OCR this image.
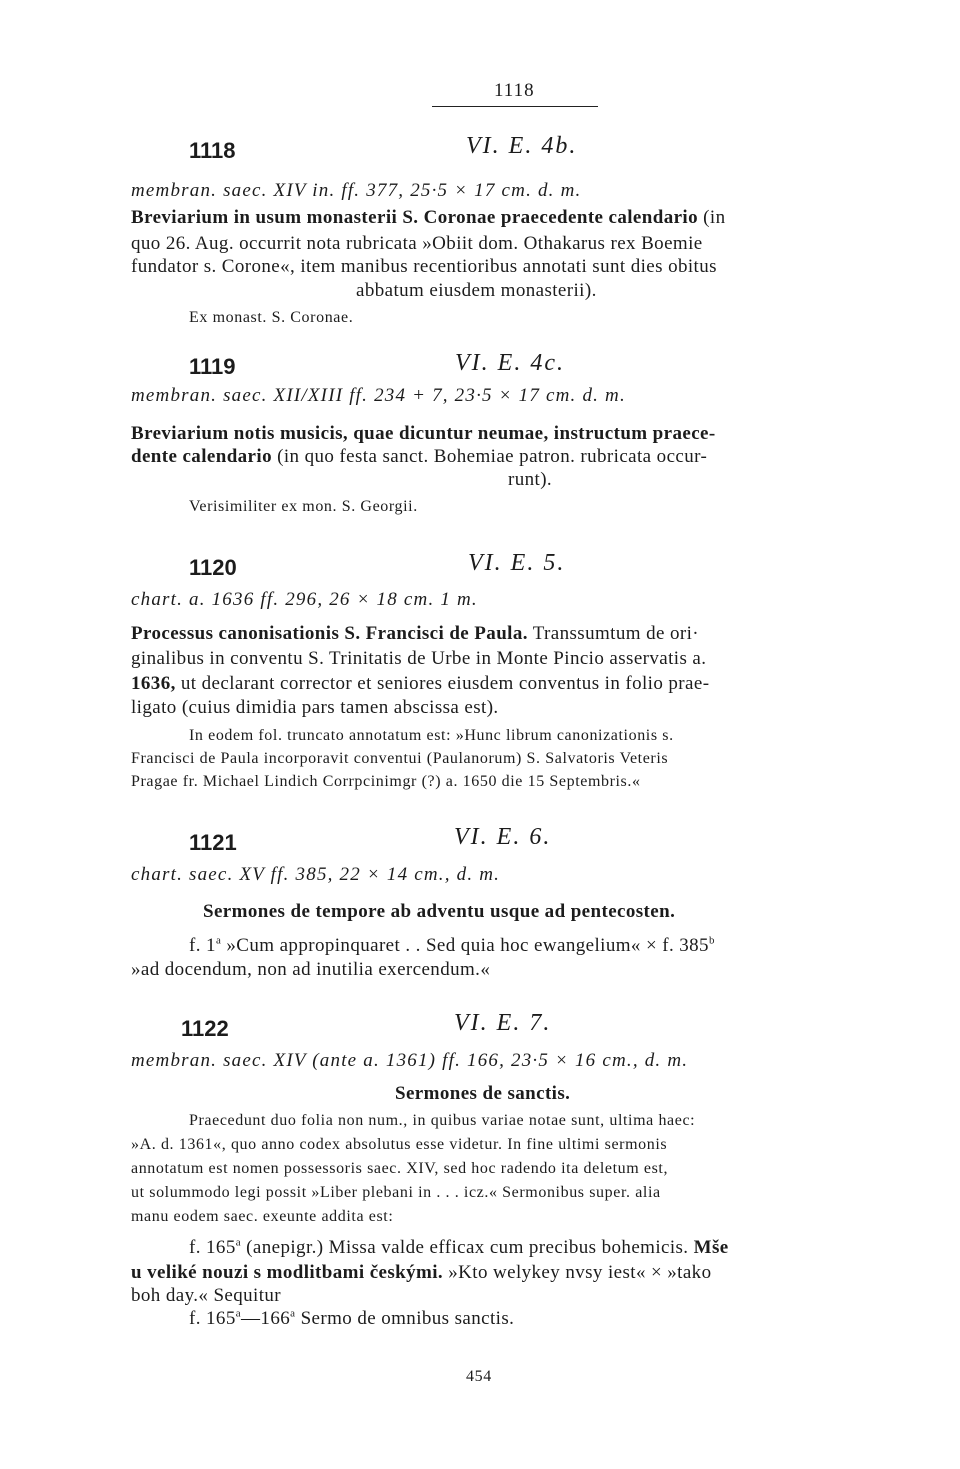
1118
1118	VI. E. 4b.
membran. saec. XIV in. ff. 377, 25·5 × 17 cm. d. m.
Breviarium in usum monasterii S. Coronae praecedente calendario (in
quo 26. Aug. occurrit nota rubricata »Obiit dom. Othakarus rex Boemie
fundator s. Corone«, item manibus recentioribus annotati sunt dies obitus
abbatum eiusdem monasterii).
Ex monast. S. Coronae.
1119	VI. E. 4c.
membran. saec. XII/XIII ff. 234 + 7, 23·5 × 17 cm. d. m.
Breviarium notis musicis, quae dicuntur neumae, instructum praece-
dente calendario (in quo festa sanct. Bohemiae patron. rubricata occur-
runt).
Verisimiliter ex mon. S. Georgii.
1120	VI. E. 5.
chart. a. 1636 ff. 296, 26 × 18 cm. 1 m.
Processus canonisationis S. Francisci de Paula. Transsumtum de ori·
ginalibus in conventu S. Trinitatis de Urbe in Monte Pincio asservatis a.
1636, ut declarant corrector et seniores eiusdem conventus in folio prae-
ligato (cuius dimidia pars tamen abscissa est).
In eodem fol. truncato annotatum est: »Hunc librum canonizationis s.
Francisci de Paula incorporavit conventui (Paulanorum) S. Salvatoris Veteris
Pragae fr. Michael Lindich Corrpcinimgr (?) a. 1650 die 15 Septembris.«
1121	VI. E. 6.
chart. saec. XV ff. 385, 22 × 14 cm., d. m.
Sermones de tempore ab adventu usque ad pentecosten.
f. 1$^a$ »Cum appropinquaret . . Sed quia hoc ewangelium« × f. 385$^b$
»ad docendum, non ad inutilia exercendum.«
1122	VI. E. 7.
membran. saec. XIV (ante a. 1361) ff. 166, 23·5 × 16 cm., d. m.
Sermones de sanctis.
Praecedunt duo folia non num., in quibus variae notae sunt, ultima haec:
»A. d. 1361«, quo anno codex absolutus esse videtur. In fine ultimi sermonis
annotatum est nomen possessoris saec. XIV, sed hoc radendo ita deletum est,
ut solummodo legi possit »Liber plebani in . . . icz.« Sermonibus super. alia
manu eodem saec. exeunte addita est:
f. 165$^a$ (anepigr.) Missa valde efficax cum precibus bohemicis. Mše
u veliké nouzi s modlitbami českými. »Kto welykey nvsy iest« × »tako
boh day.« Sequitur
f. 165$^a$—166$^a$ Sermo de omnibus sanctis.
454
